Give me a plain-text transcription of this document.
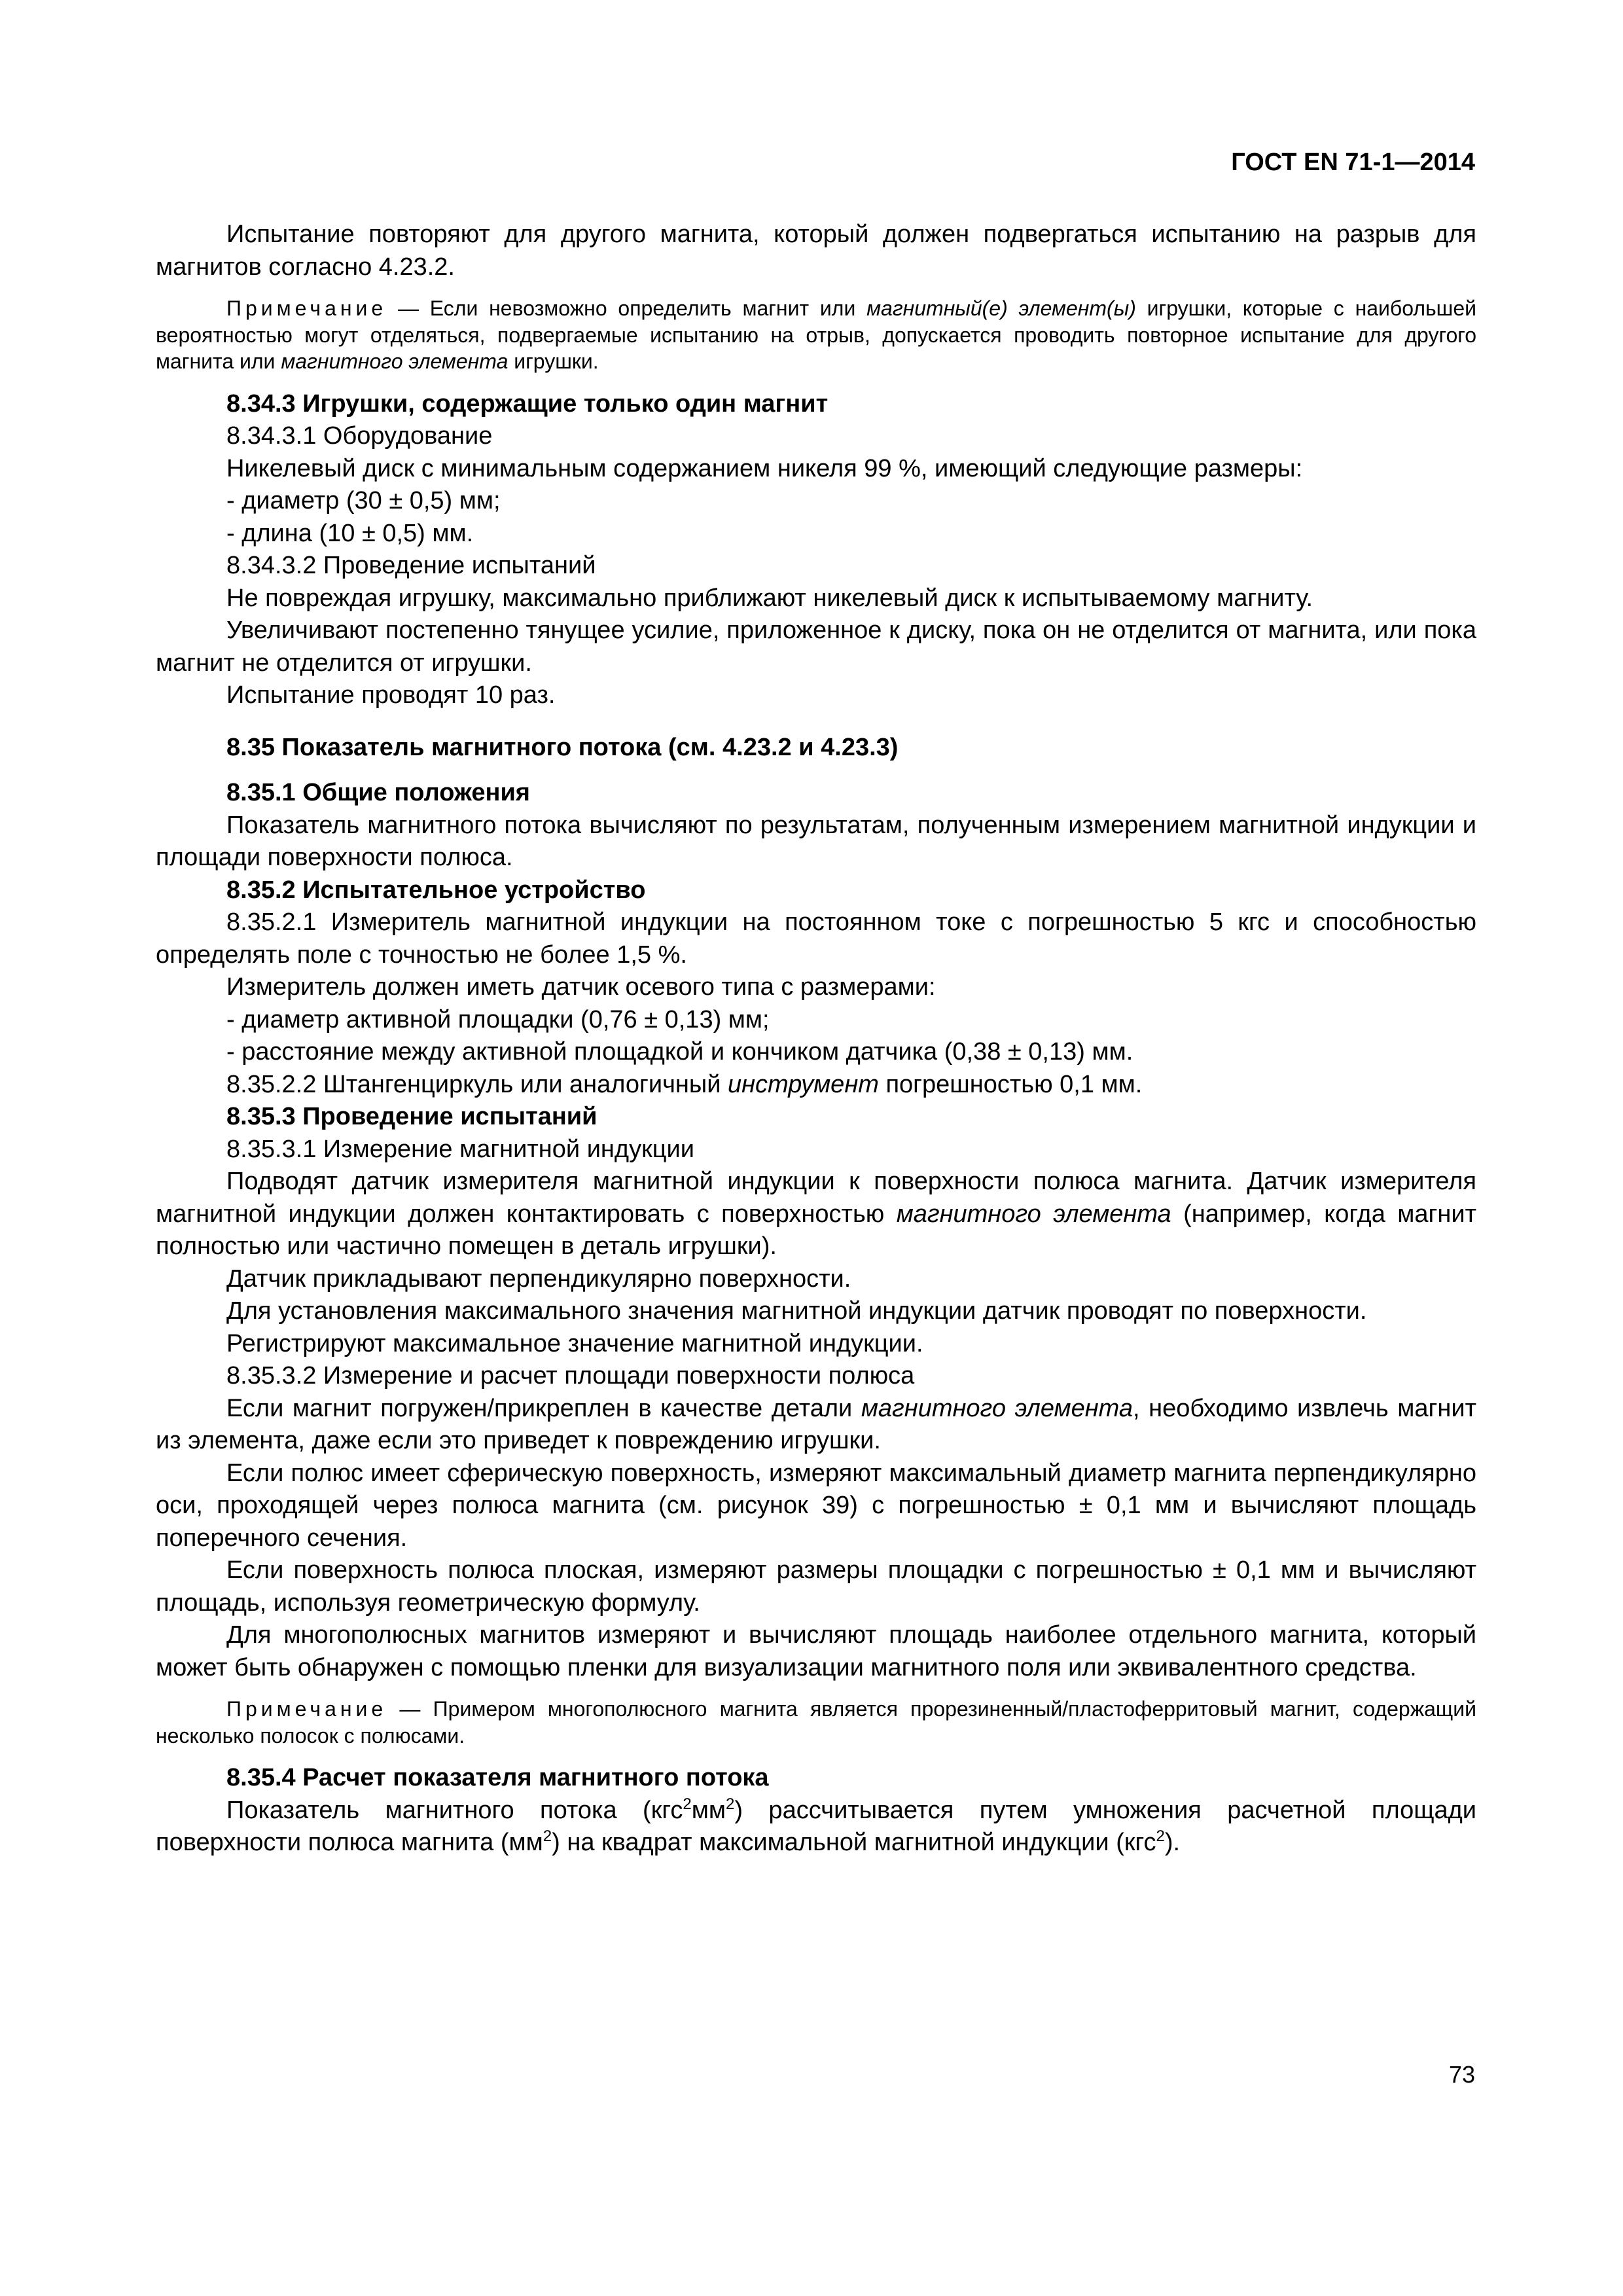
ГОСТ EN 71-1—2014

Испытание повторяют для другого магнита, который должен подвергаться испытанию на разрыв для магнитов согласно 4.23.2.

Примечание — Если невозможно определить магнит или магнитный(е) элемент(ы) игрушки, которые с наибольшей вероятностью могут отделяться, подвергаемые испытанию на отрыв, допускается проводить повторное испытание для другого магнита или магнитного элемента игрушки.

8.34.3 Игрушки, содержащие только один магнит

8.34.3.1 Оборудование

Никелевый диск с минимальным содержанием никеля 99 %, имеющий следующие размеры:

- диаметр (30 ± 0,5) мм;

- длина (10 ± 0,5) мм.

8.34.3.2 Проведение испытаний

Не повреждая игрушку, максимально приближают никелевый диск к испытываемому магниту.

Увеличивают постепенно тянущее усилие, приложенное к диску, пока он не отделится от магнита, или пока магнит не отделится от игрушки.

Испытание проводят 10 раз.

8.35 Показатель магнитного потока (см. 4.23.2 и 4.23.3)

8.35.1 Общие положения

Показатель магнитного потока вычисляют по результатам, полученным измерением магнитной индукции и площади поверхности полюса.

8.35.2 Испытательное устройство

8.35.2.1 Измеритель магнитной индукции на постоянном токе с погрешностью 5 кгс и способностью определять поле с точностью не более 1,5 %.

Измеритель должен иметь датчик осевого типа с размерами:

- диаметр активной площадки (0,76 ± 0,13) мм;

- расстояние между активной площадкой и кончиком датчика (0,38 ± 0,13) мм.

8.35.2.2 Штангенциркуль или аналогичный инструмент погрешностью 0,1 мм.

8.35.3 Проведение испытаний

8.35.3.1 Измерение магнитной индукции

Подводят датчик измерителя магнитной индукции к поверхности полюса магнита. Датчик измерителя магнитной индукции должен контактировать с поверхностью магнитного элемента (например, когда магнит полностью или частично помещен в деталь игрушки).

Датчик прикладывают перпендикулярно поверхности.

Для установления максимального значения магнитной индукции датчик проводят по поверхности.

Регистрируют максимальное значение магнитной индукции.

8.35.3.2 Измерение и расчет площади поверхности полюса

Если магнит погружен/прикреплен в качестве детали магнитного элемента, необходимо извлечь магнит из элемента, даже если это приведет к повреждению игрушки.

Если полюс имеет сферическую поверхность, измеряют максимальный диаметр магнита перпендикулярно оси, проходящей через полюса магнита (см. рисунок 39) с погрешностью ± 0,1 мм и вычисляют площадь поперечного сечения.

Если поверхность полюса плоская, измеряют размеры площадки с погрешностью ± 0,1 мм и вычисляют площадь, используя геометрическую формулу.

Для многополюсных магнитов измеряют и вычисляют площадь наиболее отдельного магнита, который может быть обнаружен с помощью пленки для визуализации магнитного поля или эквивалентного средства.

Примечание — Примером многополюсного магнита является прорезиненный/пластоферритовый магнит, содержащий несколько полосок с полюсами.

8.35.4 Расчет показателя магнитного потока

Показатель магнитного потока $(кгс^2мм^2)$ рассчитывается путем умножения расчетной площади поверхности полюса магнита $(мм^2)$ на квадрат максимальной магнитной индукции (кгс$^2$).

73
